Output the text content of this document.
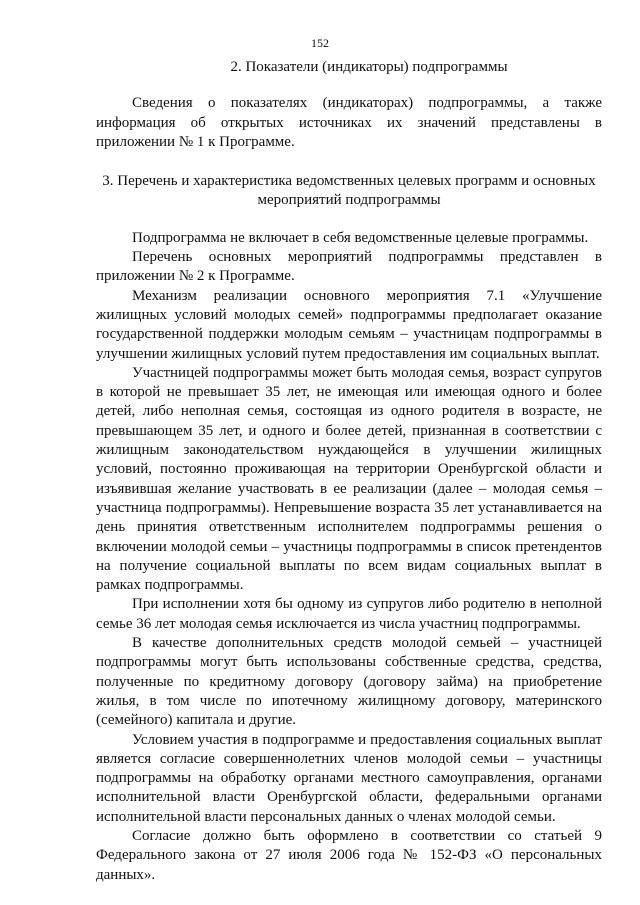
152

2. Показатели (индикаторы) подпрограммы

Сведения о показателях (индикаторах) подпрограммы, а также информация об открытых источниках их значений представлены в приложении № 1 к Программе.

3. Перечень и характеристика ведомственных целевых программ и основных мероприятий подпрограммы

Подпрограмма не включает в себя ведомственные целевые программы.

Перечень основных мероприятий подпрограммы представлен в приложении № 2 к Программе.

Механизм реализации основного мероприятия 7.1 «Улучшение жилищных условий молодых семей» подпрограммы предполагает оказание государственной поддержки молодым семьям – участницам подпрограммы в улучшении жилищных условий путем предоставления им социальных выплат.

Участницей подпрограммы может быть молодая семья, возраст супругов в которой не превышает 35 лет, не имеющая или имеющая одного и более детей, либо неполная семья, состоящая из одного родителя в возрасте, не превышающем 35 лет, и одного и более детей, признанная в соответствии с жилищным законодательством нуждающейся в улучшении жилищных условий, постоянно проживающая на территории Оренбургской области и изъявившая желание участвовать в ее реализации (далее – молодая семья – участница подпрограммы). Непревышение возраста 35 лет устанавливается на день принятия ответственным исполнителем подпрограммы решения о включении молодой семьи – участницы подпрограммы в список претендентов на получение социальной выплаты по всем видам социальных выплат в рамках подпрограммы.

При исполнении хотя бы одному из супругов либо родителю в неполной семье 36 лет молодая семья исключается из числа участниц подпрограммы.

В качестве дополнительных средств молодой семьей – участницей подпрограммы могут быть использованы собственные средства, средства, полученные по кредитному договору (договору займа) на приобретение жилья, в том числе по ипотечному жилищному договору, материнского (семейного) капитала и другие.

Условием участия в подпрограмме и предоставления социальных выплат является согласие совершеннолетних членов молодой семьи – участницы подпрограммы на обработку органами местного самоуправления, органами исполнительной власти Оренбургской области, федеральными органами исполнительной власти персональных данных о членах молодой семьи.

Согласие должно быть оформлено в соответствии со статьей 9 Федерального закона от 27 июля 2006 года № 152-ФЗ «О персональных данных».
